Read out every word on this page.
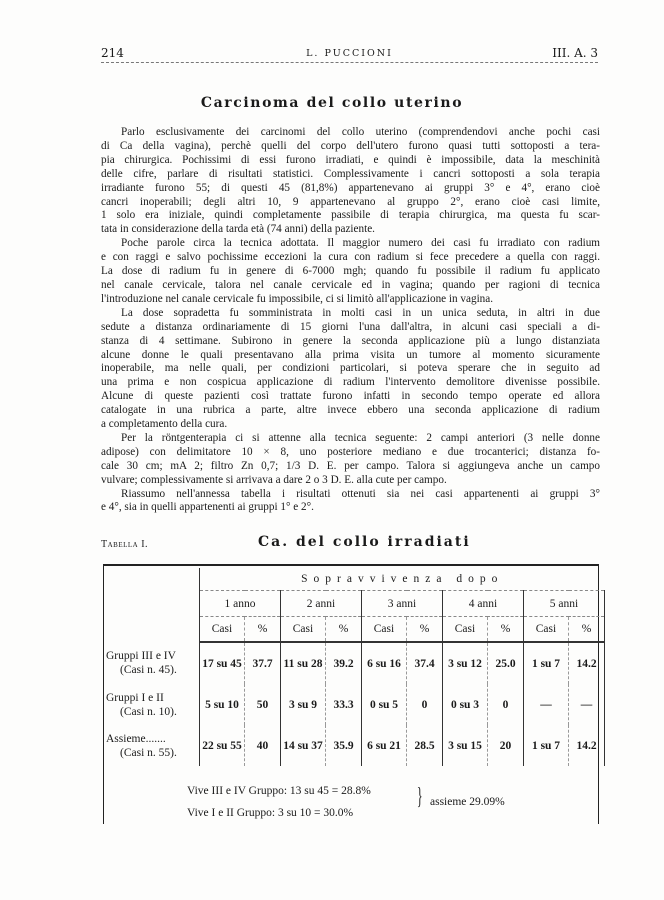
214	L. PUCCIONI	III. A. 3
Carcinoma del collo uterino
Parlo esclusivamente dei carcinomi del collo uterino (comprendendovi anche pochi casi
di Ca della vagina), perchè quelli del corpo dell'utero furono quasi tutti sottoposti a tera-
pia chirurgica. Pochissimi di essi furono irradiati, e quindi è impossibile, data la meschinità
delle cifre, parlare di risultati statistici. Complessivamente i cancri sottoposti a sola terapia
irradiante furono 55; di questi 45 (81,8%) appartenevano ai gruppi 3° e 4°, erano cioè
cancri inoperabili; degli altri 10, 9 appartenevano al gruppo 2°, erano cioè casi limite,
1 solo era iniziale, quindi completamente passibile di terapia chirurgica, ma questa fu scar-
tata in considerazione della tarda età (74 anni) della paziente.
Poche parole circa la tecnica adottata. Il maggior numero dei casi fu irradiato con radium
e con raggi e salvo pochissime eccezioni la cura con radium si fece precedere a quella con raggi.
La dose di radium fu in genere di 6-7000 mgh; quando fu possibile il radium fu applicato
nel canale cervicale, talora nel canale cervicale ed in vagina; quando per ragioni di tecnica
l'introduzione nel canale cervicale fu impossibile, ci si limitò all'applicazione in vagina.
La dose sopradetta fu somministrata in molti casi in un unica seduta, in altri in due
sedute a distanza ordinariamente di 15 giorni l'una dall'altra, in alcuni casi speciali a di-
stanza di 4 settimane. Subirono in genere la seconda applicazione più a lungo distanziata
alcune donne le quali presentavano alla prima visita un tumore al momento sicuramente
inoperabile, ma nelle quali, per condizioni particolari, si poteva sperare che in seguito ad
una prima e non cospicua applicazione di radium l'intervento demolitore divenisse possibile.
Alcune di queste pazienti così trattate furono infatti in secondo tempo operate ed allora
catalogate in una rubrica a parte, altre invece ebbero una seconda applicazione di radium
a completamento della cura.
Per la röntgenterapia ci si attenne alla tecnica seguente: 2 campi anteriori (3 nelle donne
adipose) con delimitatore 10 × 8, uno posteriore mediano e due trocanterici; distanza fo-
cale 30 cm; mA 2; filtro Zn 0,7; 1/3 D. E. per campo. Talora si aggiungeva anche un campo
vulvare; complessivamente si arrivava a dare 2 o 3 D. E. alla cute per campo.
Riassumo nell'annessa tabella i risultati ottenuti sia nei casi appartenenti ai gruppi 3°
e 4°, sia in quelli appartenenti ai gruppi 1° e 2°.
Tabella I.	Ca. del collo irradiati
	Sopravvivenza dopo									
	1 anno		2 anni		3 anni		4 anni		5 anni	
	Casi	%	Casi	%	Casi	%	Casi	%	Casi	%

Gruppi III e IV
(Casi n. 45).	17 su 45	37.7	11 su 28	39.2	6 su 16	37.4	3 su 12	25.0	1 su 7	14.2

Gruppi I e II
(Casi n. 10).	5 su 10	50	3 su 9	33.3	0 su 5	0	0 su 3	0	—	—

Assieme.......
(Casi n. 55).	22 su 55	40	14 su 37	35.9	6 su 21	28.5	3 su 15	20	1 su 7	14.2
Vive III e IV Gruppo: 13 su 45 = 28.8%
Vive I e II Gruppo: 3 su 10 = 30.0%
} assieme 29.09%
